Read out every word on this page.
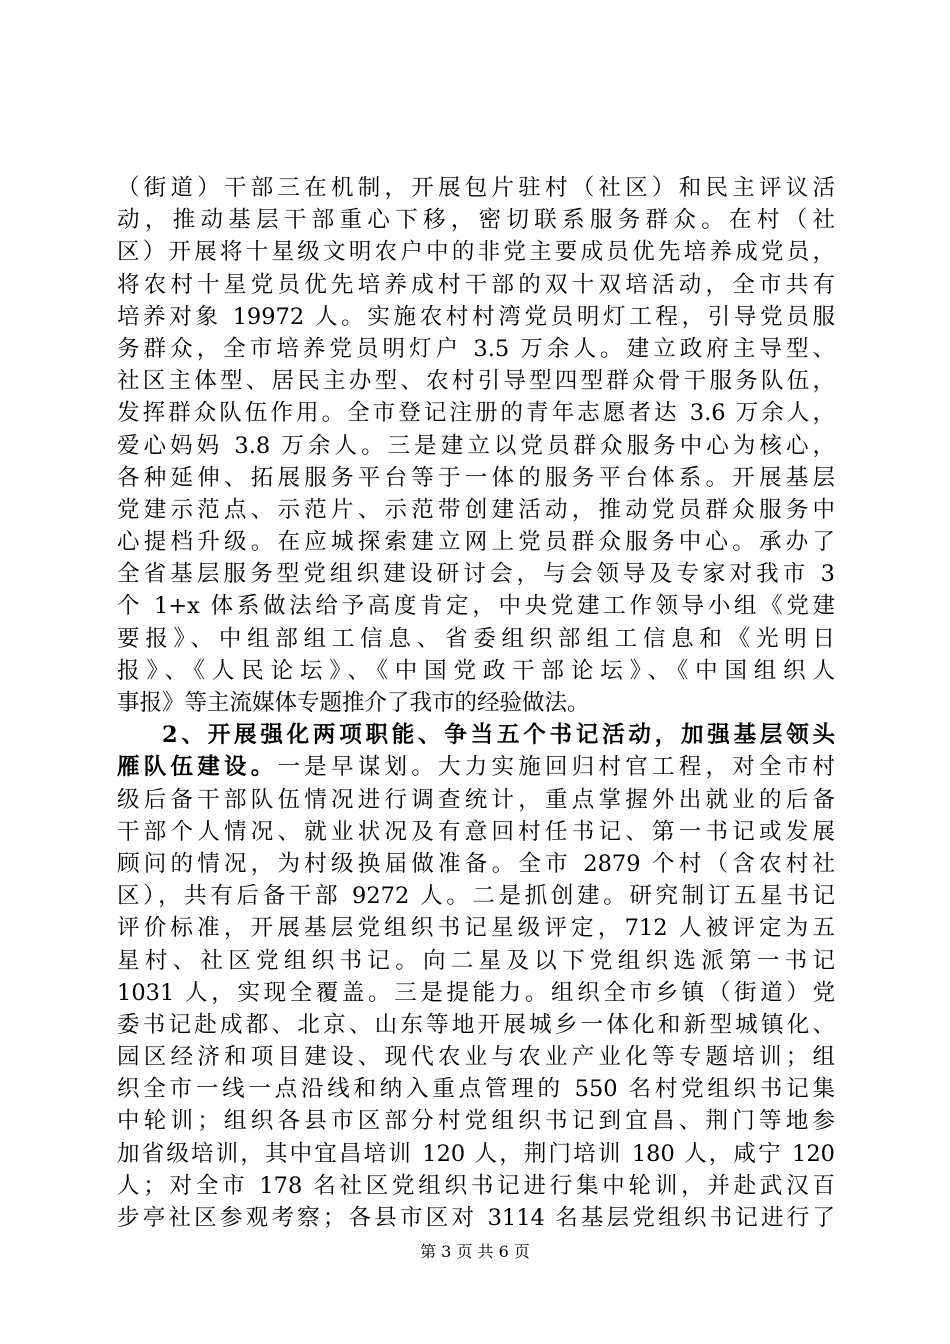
（街道）干部三在机制，开展包片驻村（社区）和民主评议活
动，推动基层干部重心下移，密切联系服务群众。在村（社
区）开展将十星级文明农户中的非党主要成员优先培养成党员，
将农村十星党员优先培养成村干部的双十双培活动，全市共有
培养对象 19972 人。实施农村村湾党员明灯工程，引导党员服
务群众，全市培养党员明灯户 3.5 万余人。建立政府主导型、
社区主体型、居民主办型、农村引导型四型群众骨干服务队伍，
发挥群众队伍作用。全市登记注册的青年志愿者达 3.6 万余人，
爱心妈妈 3.8 万余人。三是建立以党员群众服务中心为核心，
各种延伸、拓展服务平台等于一体的服务平台体系。开展基层
党建示范点、示范片、示范带创建活动，推动党员群众服务中
心提档升级。在应城探索建立网上党员群众服务中心。承办了
全省基层服务型党组织建设研讨会，与会领导及专家对我市 3
个 1+x 体系做法给予高度肯定，中央党建工作领导小组《党建
要报》、中组部组工信息、省委组织部组工信息和《光明日
报》、《人民论坛》、《中国党政干部论坛》、《中国组织人
事报》等主流媒体专题推介了我市的经验做法。
2、开展强化两项职能、争当五个书记活动，加强基层领头
雁队伍建设。一是早谋划。大力实施回归村官工程，对全市村
级后备干部队伍情况进行调查统计，重点掌握外出就业的后备
干部个人情况、就业状况及有意回村任书记、第一书记或发展
顾问的情况，为村级换届做准备。全市 2879 个村（含农村社
区），共有后备干部 9272 人。二是抓创建。研究制订五星书记
评价标准，开展基层党组织书记星级评定，712 人被评定为五
星村、社区党组织书记。向二星及以下党组织选派第一书记
1031 人，实现全覆盖。三是提能力。组织全市乡镇（街道）党
委书记赴成都、北京、山东等地开展城乡一体化和新型城镇化、
园区经济和项目建设、现代农业与农业产业化等专题培训；组
织全市一线一点沿线和纳入重点管理的 550 名村党组织书记集
中轮训；组织各县市区部分村党组织书记到宜昌、荆门等地参
加省级培训，其中宜昌培训 120 人，荆门培训 180 人，咸宁 120
人；对全市 178 名社区党组织书记进行集中轮训，并赴武汉百
步亭社区参观考察；各县市区对 3114 名基层党组织书记进行了
第 3 页 共 6 页
